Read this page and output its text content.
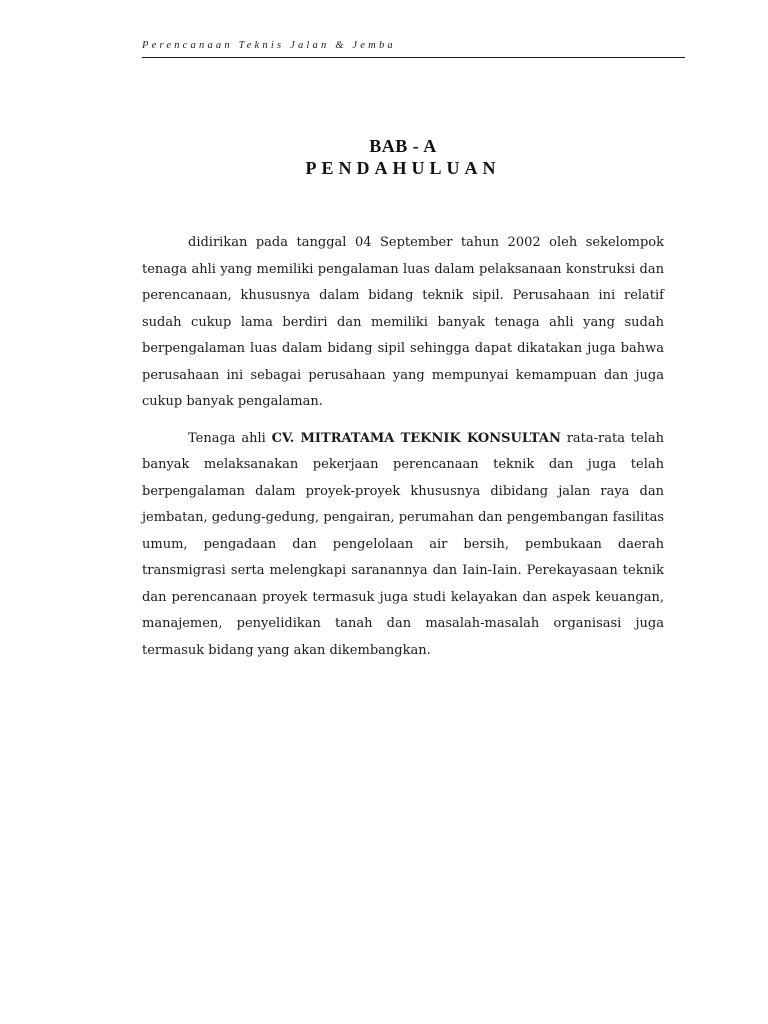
Perencanaan Teknis Jalan & Jemba
BAB - A
PENDAHULUAN

didirikan pada tanggal 04 September tahun 2002 oleh sekelompok tenaga ahli yang memiliki pengalaman luas dalam pelaksanaan konstruksi dan perencanaan, khususnya dalam bidang teknik sipil. Perusahaan ini relatif sudah cukup lama berdiri dan memiliki banyak tenaga ahli yang sudah berpengalaman luas dalam bidang sipil sehingga dapat dikatakan juga bahwa perusahaan ini sebagai perusahaan yang mempunyai kemampuan dan juga cukup banyak pengalaman.

Tenaga ahli CV. MITRATAMA TEKNIK KONSULTAN rata-rata telah banyak melaksanakan pekerjaan perencanaan teknik dan juga telah berpengalaman dalam proyek-proyek khususnya dibidang jalan raya dan jembatan, gedung-gedung, pengairan, perumahan dan pengembangan fasilitas umum, pengadaan dan pengelolaan air bersih, pembukaan daerah transmigrasi serta melengkapi saranannya dan Iain-Iain. Perekayasaan teknik dan perencanaan proyek termasuk juga studi kelayakan dan aspek keuangan, manajemen, penyelidikan tanah dan masalah-masalah organisasi juga termasuk bidang yang akan dikembangkan.
